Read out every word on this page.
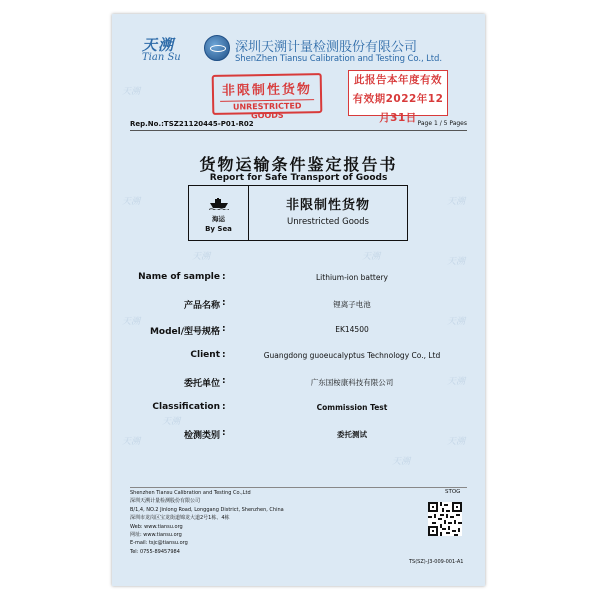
天溯
天溯
天溯
天溯
天溯
天溯
天溯
天溯
天溯
天溯	天溯
天溯
天溯
天溯
Tian Su
深圳天溯计量检测股份有限公司
ShenZhen Tiansu Calibration and Testing Co., Ltd.
非限制性货物
UNRESTRICTED GOODS
此报告本年度有效
有效期2022年12月31日
Rep.No.:TSZ21120445-P01-R02	Page 1 / 5 Pages
货物运输条件鉴定报告书
Report for Safe Transport of Goods
海运
By Sea
非限制性货物
Unrestricted Goods
Name of sample :	Lithium-ion battery
产品名称 :	锂离子电池
Model/型号规格 :	EK14500
Client :	Guangdong guoeucalyptus Technology Co., Ltd
委托单位 :	广东国桉康科技有限公司
Classification :	Commission Test
检测类别 :	委托测试
Shenzhen Tiansu Calibration and Testing Co.,Ltd
深圳天溯计量检测股份有限公司
B/1,4, NO.2 Jinlong Road, Longgang District, Shenzhen, China
深圳市龙岗区宝龙街道锦龙大道2号1栋、4栋
Web: www.tiansu.org
网址: www.tiansu.org
E-mail: tsjc@tiansu.org
Tel: 0755-89457984
STOG
TS(SZ)-J3-009-001-A1
